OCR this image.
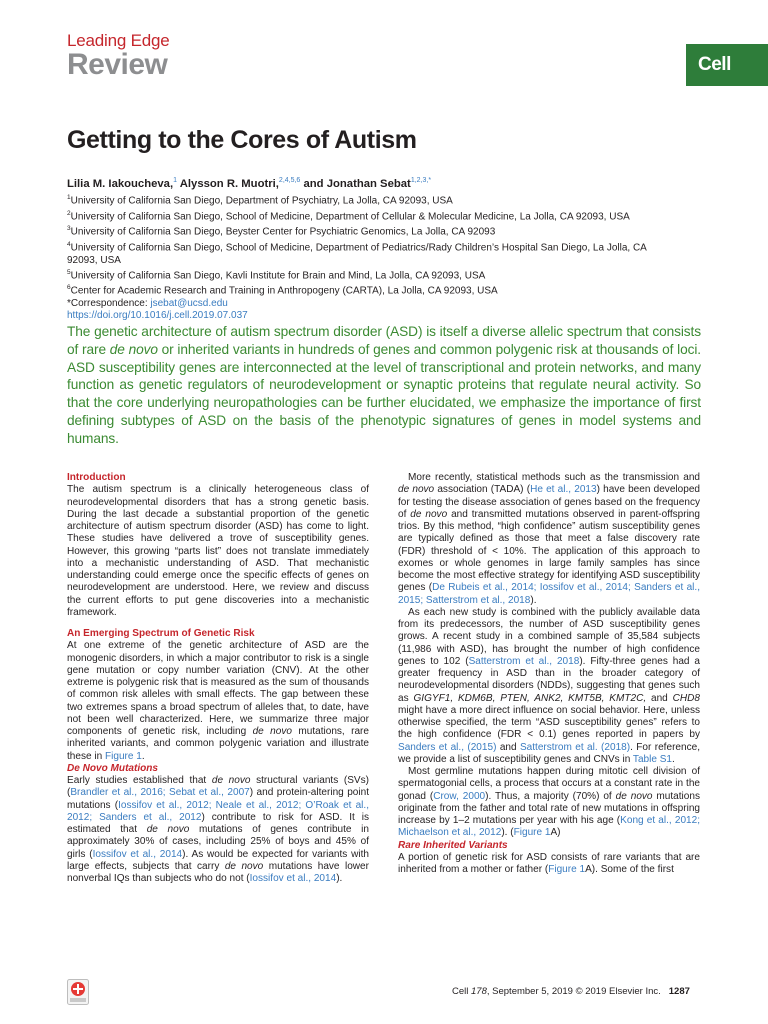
Leading Edge
Review	Cell
Getting to the Cores of Autism
Lilia M. Iakoucheva,$^1$ Alysson R. Muotri,$^{2,4,5,6}$ and Jonathan Sebat$^{1,2,3,*}$
$^1$University of California San Diego, Department of Psychiatry, La Jolla, CA 92093, USA
$^2$University of California San Diego, School of Medicine, Department of Cellular & Molecular Medicine, La Jolla, CA 92093, USA
$^3$University of California San Diego, Beyster Center for Psychiatric Genomics, La Jolla, CA 92093
$^4$University of California San Diego, School of Medicine, Department of Pediatrics/Rady Children’s Hospital San Diego, La Jolla, CA 92093, USA
$^5$University of California San Diego, Kavli Institute for Brain and Mind, La Jolla, CA 92093, USA
$^6$Center for Academic Research and Training in Anthropogeny (CARTA), La Jolla, CA 92093, USA
*Correspondence: jsebat@ucsd.edu
https://doi.org/10.1016/j.cell.2019.07.037

The genetic architecture of autism spectrum disorder (ASD) is itself a diverse allelic spectrum that consists of rare de novo or inherited variants in hundreds of genes and common polygenic risk at thousands of loci. ASD susceptibility genes are interconnected at the level of transcriptional and protein networks, and many function as genetic regulators of neurodevelopment or synaptic proteins that regulate neural activity. So that the core underlying neuropathologies can be further elucidated, we emphasize the importance of first defining subtypes of ASD on the basis of the phenotypic signatures of genes in model systems and humans.

Introduction

The autism spectrum is a clinically heterogeneous class of neurodevelopmental disorders that has a strong genetic basis. During the last decade a substantial proportion of the genetic architecture of autism spectrum disorder (ASD) has come to light. These studies have delivered a trove of susceptibility genes. However, this growing “parts list” does not translate immediately into a mechanistic understanding of ASD. That mechanistic understanding could emerge once the specific effects of genes on neurodevelopment are understood. Here, we review and discuss the current efforts to put gene discoveries into a mechanistic framework.

An Emerging Spectrum of Genetic Risk

At one extreme of the genetic architecture of ASD are the monogenic disorders, in which a major contributor to risk is a single gene mutation or copy number variation (CNV). At the other extreme is polygenic risk that is measured as the sum of thousands of common risk alleles with small effects. The gap between these two extremes spans a broad spectrum of alleles that, to date, have not been well characterized. Here, we summarize three major components of genetic risk, including de novo mutations, rare inherited variants, and common polygenic variation and illustrate these in Figure 1.

De Novo Mutations

Early studies established that de novo structural variants (SVs) (Brandler et al., 2016; Sebat et al., 2007) and protein-altering point mutations (Iossifov et al., 2012; Neale et al., 2012; O’Roak et al., 2012; Sanders et al., 2012) contribute to risk for ASD. It is estimated that de novo mutations of genes contribute in approximately 30% of cases, including 25% of boys and 45% of girls (Iossifov et al., 2014). As would be expected for variants with large effects, subjects that carry de novo mutations have lower nonverbal IQs than subjects who do not (Iossifov et al., 2014).

More recently, statistical methods such as the transmission and de novo association (TADA) (He et al., 2013) have been developed for testing the disease association of genes based on the frequency of de novo and transmitted mutations observed in parent-offspring trios. By this method, “high confidence” autism susceptibility genes are typically defined as those that meet a false discovery rate (FDR) threshold of < 10%. The application of this approach to exomes or whole genomes in large family samples has since become the most effective strategy for identifying ASD susceptibility genes (De Rubeis et al., 2014; Iossifov et al., 2014; Sanders et al., 2015; Satterstrom et al., 2018).

As each new study is combined with the publicly available data from its predecessors, the number of ASD susceptibility genes grows. A recent study in a combined sample of 35,584 subjects (11,986 with ASD), has brought the number of high confidence genes to 102 (Satterstrom et al., 2018). Fifty-three genes had a greater frequency in ASD than in the broader category of neurodevelopmental disorders (NDDs), suggesting that genes such as GIGYF1, KDM6B, PTEN, ANK2, KMT5B, KMT2C, and CHD8 might have a more direct influence on social behavior. Here, unless otherwise specified, the term “ASD susceptibility genes” refers to the high confidence (FDR < 0.1) genes reported in papers by Sanders et al., (2015) and Satterstrom et al. (2018). For reference, we provide a list of susceptibility genes and CNVs in Table S1.

Most germline mutations happen during mitotic cell division of spermatogonial cells, a process that occurs at a constant rate in the gonad (Crow, 2000). Thus, a majority (70%) of de novo mutations originate from the father and total rate of new mutations in offspring increase by 1–2 mutations per year with his age (Kong et al., 2012; Michaelson et al., 2012). (Figure 1A)

Rare Inherited Variants

A portion of genetic risk for ASD consists of rare variants that are inherited from a mother or father (Figure 1A). Some of the first

Cell 178, September 5, 2019 © 2019 Elsevier Inc. 1287
